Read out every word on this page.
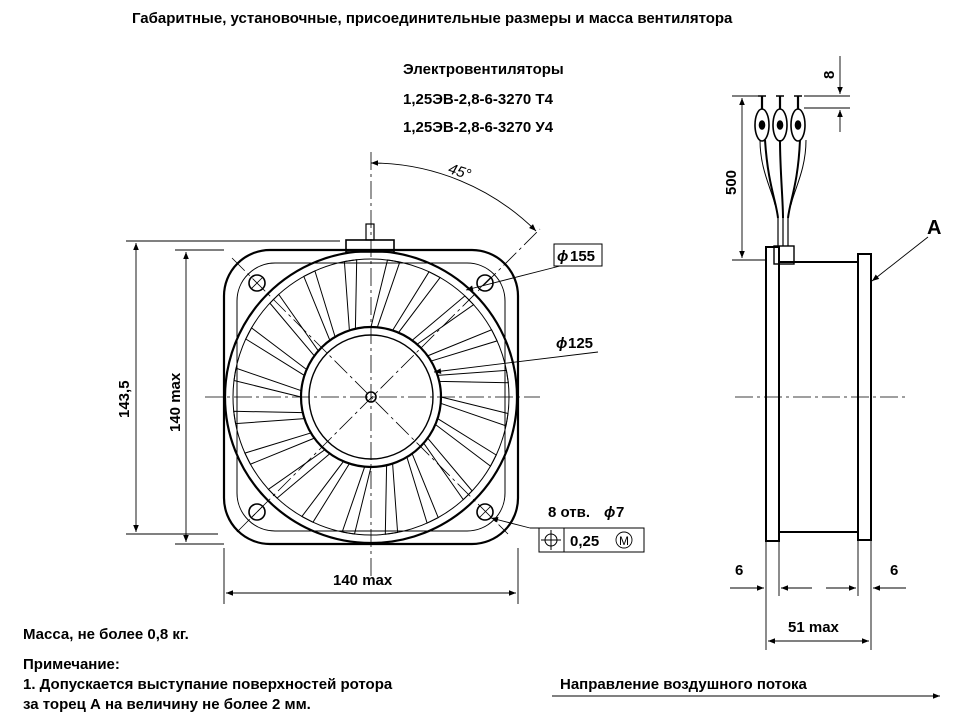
Габаритные, установочные, присоединительные размеры и масса вентилятора
Электровентиляторы
1,25ЭВ-2,8-6-3270 Т4
1,25ЭВ-2,8-6-3270 У4
45°
ϕ 155
ϕ 125
8 отв. ϕ 7
0,25 M
143,5 140 max
140 max
500
8
A
6	6
51 max
Направление воздушного потока
Масса, не более 0,8 кг.
Примечание:
1. Допускается выступание поверхностей ротора
за торец А на величину не более 2 мм.
